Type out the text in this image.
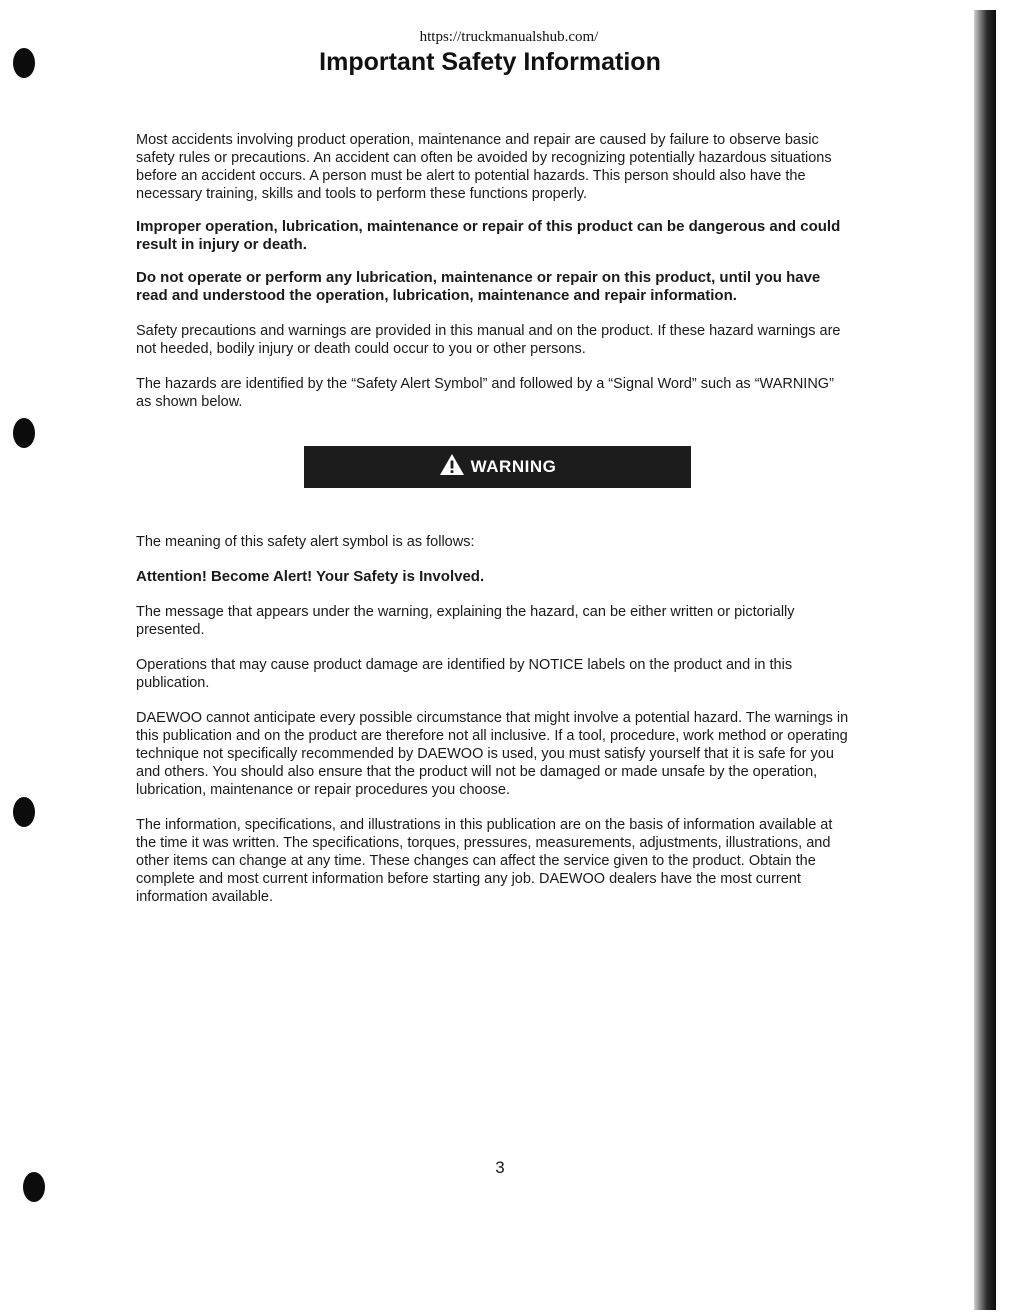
https://truckmanualshub.com/
Important Safety Information

Most accidents involving product operation, maintenance and repair are caused by failure to observe basic safety rules or precautions. An accident can often be avoided by recognizing potentially hazardous situations before an accident occurs. A person must be alert to potential hazards. This person should also have the necessary training, skills and tools to perform these functions properly.

Improper operation, lubrication, maintenance or repair of this product can be dangerous and could result in injury or death.

Do not operate or perform any lubrication, maintenance or repair on this product, until you have read and understood the operation, lubrication, maintenance and repair information.

Safety precautions and warnings are provided in this manual and on the product. If these hazard warnings are not heeded, bodily injury or death could occur to you or other persons.

The hazards are identified by the “Safety Alert Symbol” and followed by a “Signal Word” such as “WARNING” as shown below.

WARNING

The meaning of this safety alert symbol is as follows:

Attention! Become Alert! Your Safety is Involved.

The message that appears under the warning, explaining the hazard, can be either written or pictorially presented.

Operations that may cause product damage are identified by NOTICE labels on the product and in this publication.

DAEWOO cannot anticipate every possible circumstance that might involve a potential hazard. The warnings in this publication and on the product are therefore not all inclusive. If a tool, procedure, work method or operating technique not specifically recommended by DAEWOO is used, you must satisfy yourself that it is safe for you and others. You should also ensure that the product will not be damaged or made unsafe by the operation, lubrication, maintenance or repair procedures you choose.

The information, specifications, and illustrations in this publication are on the basis of information available at the time it was written. The specifications, torques, pressures, measurements, adjustments, illustrations, and other items can change at any time. These changes can affect the service given to the product. Obtain the complete and most current information before starting any job. DAEWOO dealers have the most current information available.

3
